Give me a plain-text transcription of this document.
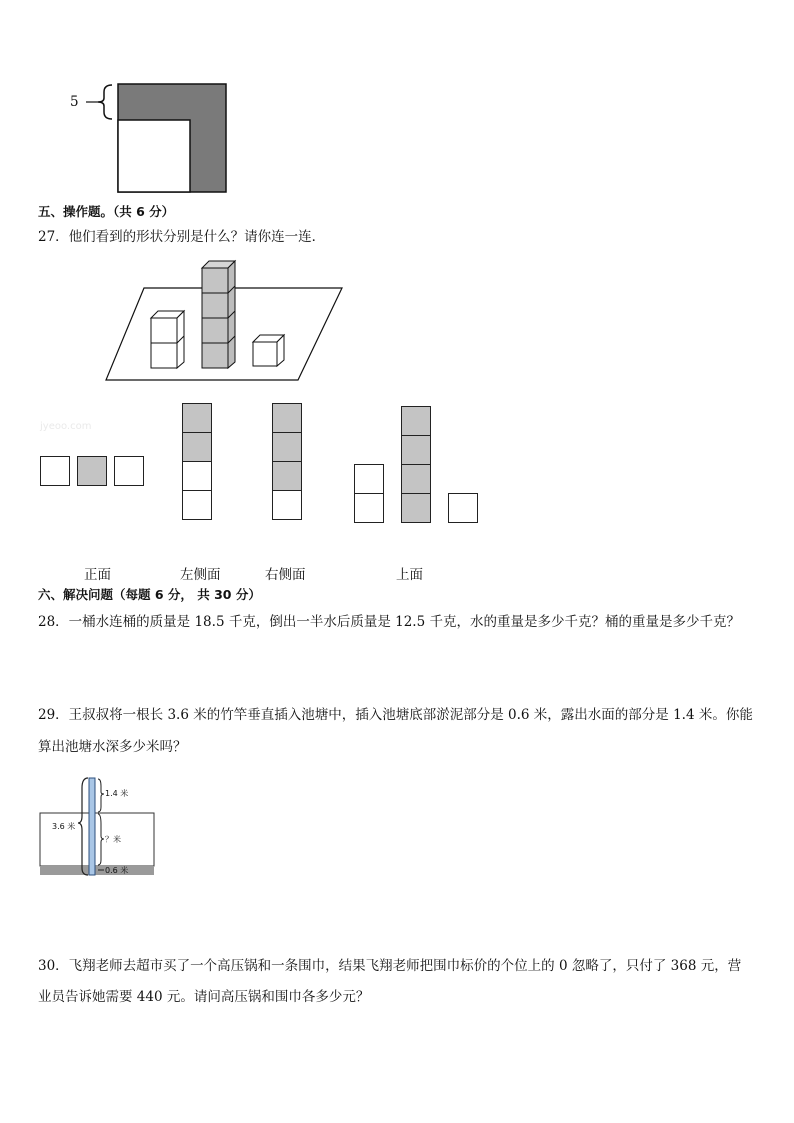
5
五、操作题。（共 6 分）
27．他们看到的形状分别是什么？请你连一连．
jyeoo.com
正面	左侧面	右侧面	上面
六、解决问题（每题 6 分， 共 30 分）
28．一桶水连桶的质量是 18.5 千克，倒出一半水后质量是 12.5 千克，水的重量是多少千克？桶的重量是多少千克？
29．王叔叔将一根长 3.6 米的竹竿垂直插入池塘中，插入池塘底部淤泥部分是 0.6 米，露出水面的部分是 1.4 米。你能
算出池塘水深多少米吗？
3.6 米
1.4 米
？米
0.6 米
30．飞翔老师去超市买了一个高压锅和一条围巾，结果飞翔老师把围巾标价的个位上的 0 忽略了，只付了 368 元，营
业员告诉她需要 440 元。请问高压锅和围巾各多少元？
